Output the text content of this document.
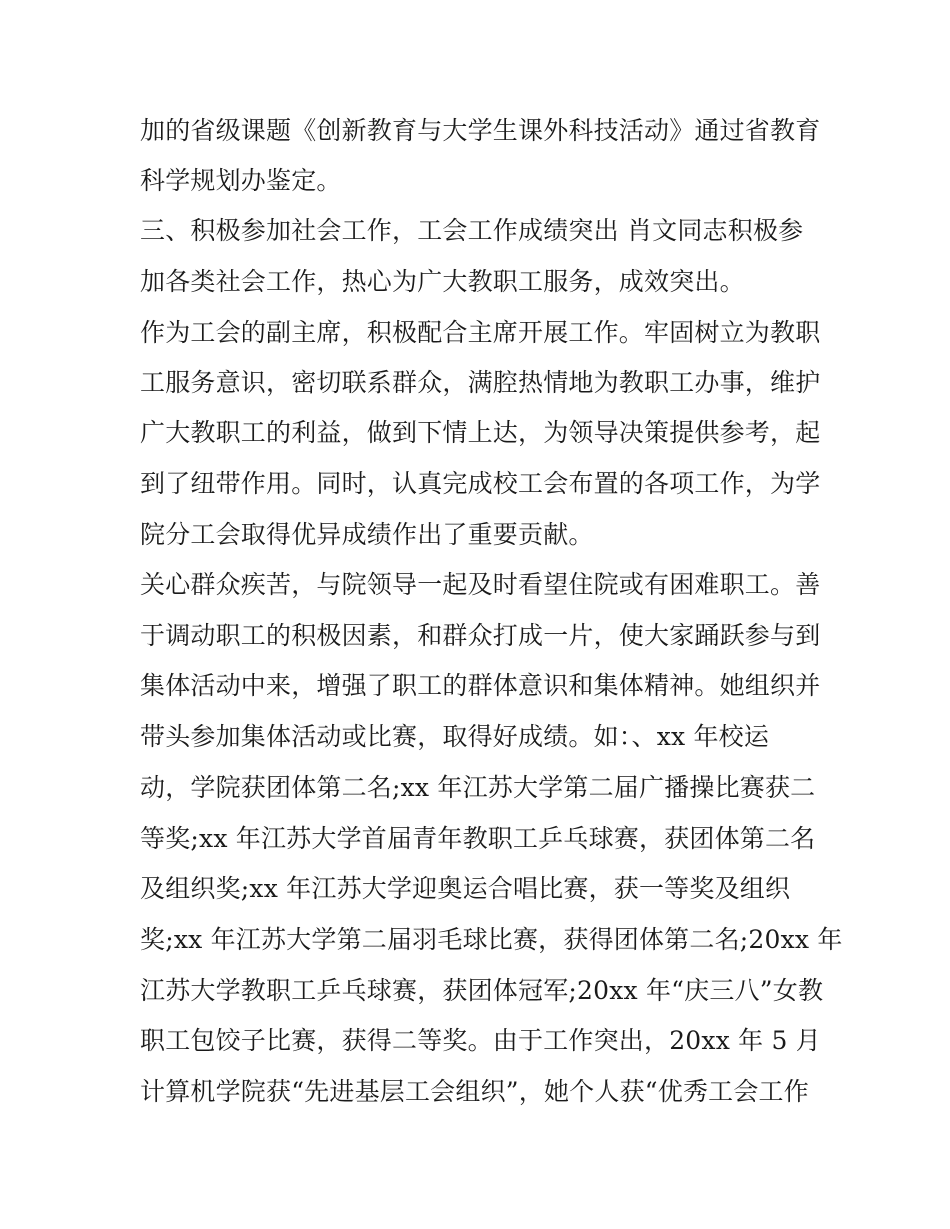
加的省级课题《创新教育与大学生课外科技活动》通过省教育
科学规划办鉴定。
三、积极参加社会工作，工会工作成绩突出 肖文同志积极参
加各类社会工作，热心为广大教职工服务，成效突出。
作为工会的副主席，积极配合主席开展工作。牢固树立为教职
工服务意识，密切联系群众，满腔热情地为教职工办事，维护
广大教职工的利益，做到下情上达，为领导决策提供参考，起
到了纽带作用。同时，认真完成校工会布置的各项工作，为学
院分工会取得优异成绩作出了重要贡献。
关心群众疾苦，与院领导一起及时看望住院或有困难职工。善
于调动职工的积极因素，和群众打成一片，使大家踊跃参与到
集体活动中来，增强了职工的群体意识和集体精神。她组织并
带头参加集体活动或比赛，取得好成绩。如：、xx 年校运
动，学院获团体第二名;xx 年江苏大学第二届广播操比赛获二
等奖;xx 年江苏大学首届青年教职工乒乓球赛，获团体第二名
及组织奖;xx 年江苏大学迎奥运合唱比赛，获一等奖及组织
奖;xx 年江苏大学第二届羽毛球比赛，获得团体第二名;20xx 年
江苏大学教职工乒乓球赛，获团体冠军;20xx 年“庆三八”女教
职工包饺子比赛，获得二等奖。由于工作突出，20xx 年 5 月
计算机学院获“先进基层工会组织”，她个人获“优秀工会工作
